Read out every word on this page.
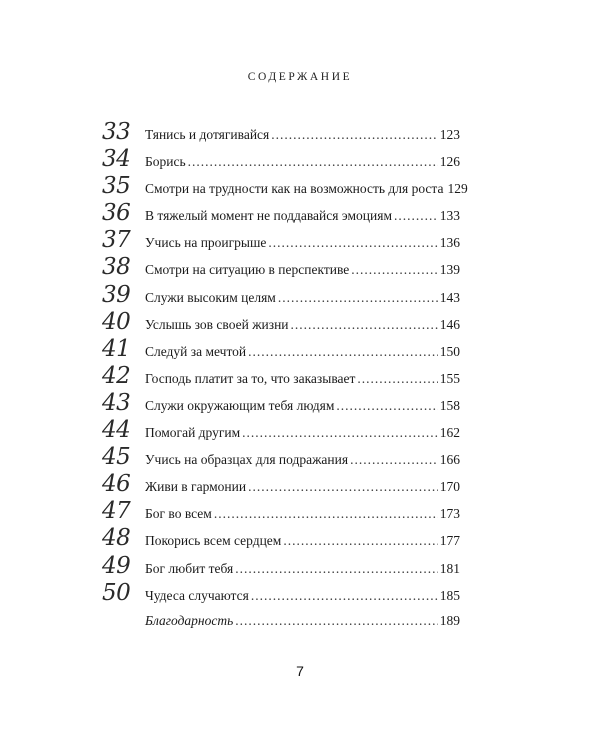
СОДЕРЖАНИЕ
33	Тянись и дотягивайся .....	123
34	Борись .....	126
35	Смотри на трудности как на возможность для роста 129
36	В тяжелый момент не поддавайся эмоциям .....	133
37	Учись на проигрыше .....	136
38	Смотри на ситуацию в перспективе .....	139
39	Служи высоким целям .....	143
40	Услышь зов своей жизни .....	146
41	Следуй за мечтой .....	150
42	Господь платит за то, что заказывает .....	155
43	Служи окружающим тебя людям .....	158
44	Помогай другим .....	162
45	Учись на образцах для подражания .....	166
46	Живи в гармонии .....	170
47	Бог во всем .....	173
48	Покорись всем сердцем .....	177
49	Бог любит тебя .....	181
50	Чудеса случаются .....	185
Благодарность .....	189
7
